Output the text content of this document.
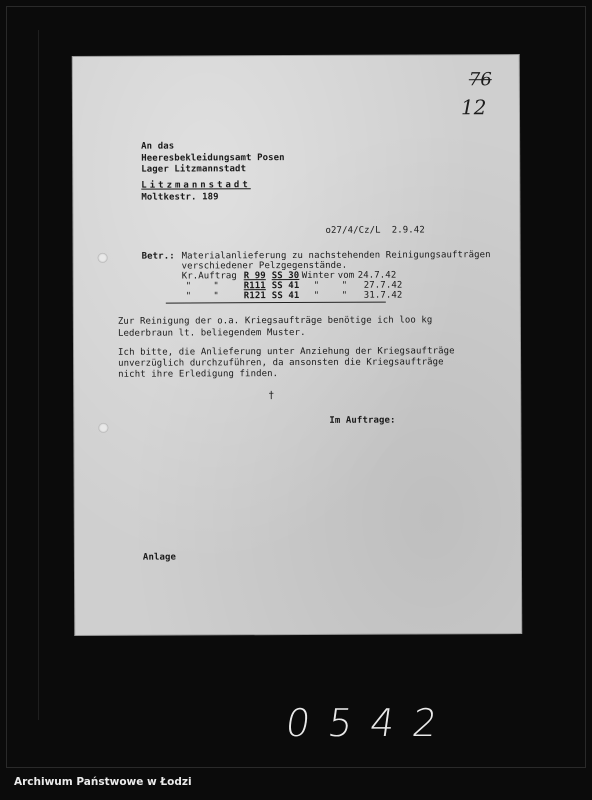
76
12
An das
Heeresbekleidungsamt Posen
Lager Litzmannstadt
Litzmannstadt
Moltkestr. 189
o27/4/Cz/L  2.9.42
Betr.: Materialanlieferung zu nachstehenden Reinigungsaufträgen
verschiedener Pelzgegenstände.
Kr.Auftrag R 99 SS 30 Winter vom 24.7.42
"    "	R111 SS 41 " " 27.7.42
"    "	R121 SS 41 " " 31.7.42
Zur Reinigung der o.a. Kriegsaufträge benötige ich loo kg
Lederbraun lt. beliegendem Muster.
Ich bitte, die Anlieferung unter Anziehung der Kriegsaufträge
unverzüglich durchzuführen, da ansonsten die Kriegsaufträge
nicht ihre Erledigung finden.
†
Im Auftrage:
Anlage
0542
Archiwum Państwowe w Łodzi
